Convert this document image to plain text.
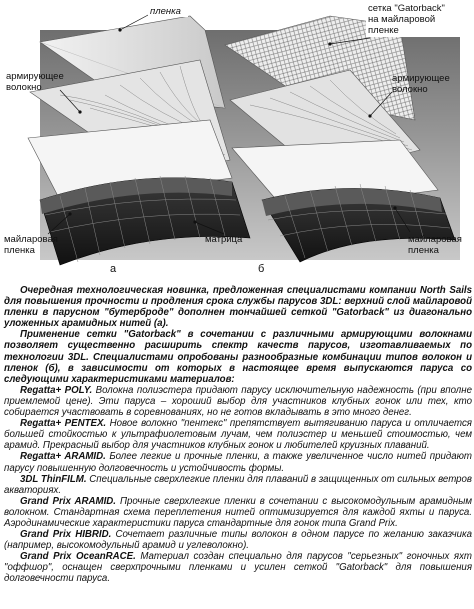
пленка
армирующее
волокно
майларовая
пленка
матрица
сетка "Gatorback"
на майларовой
пленке
армирующее
волокно
майларовая
пленка
а	б

Очередная технологическая новинка, предложенная специалистами компании North Sails для повышения прочности и продления срока службы парусов 3DL: верхний слой майларовой пленки в парусном "бутерброде" дополнен тончайшей сеткой "Gatorback" из диагонально уложенных арамидных нитей (а).

Применение сетки "Gatorback" в сочетании с различными армирующими волокнами позволяет существенно расширить спектр качеств парусов, изготавливаемых по технологии 3DL. Специалистами опробованы разнообразные комбинации типов волокон и пленок (б), в зависимости от которых в настоящее время выпускаются паруса со следующими характеристиками материалов:

Regatta+ POLY. Волокна полиэстера придают парусу исключительную надежность (при вполне приемлемой цене). Эти паруса – хороший выбор для участников клубных гонок или тех, кто собирается участвовать в соревнованиях, но не готов вкладывать в это много денег.

Regatta+ PENTEX. Новое волокно "пентекс" препятствует вытягиванию паруса и отличается большей стойкостью к ультрафиолетовым лучам, чем полиэстер и меньшей стоимостью, чем арамид. Прекрасный выбор для участников клубных гонок и любителей круизных плаваний.

Regatta+ ARAMID. Более легкие и прочные пленки, а также увеличенное число нитей придают парусу повышенную долговечность и устойчивость формы.

3DL ThinFILM. Специальные сверхлегкие пленки для плаваний в защищенных от сильных ветров акваториях.

Grand Prix ARAMID. Прочные сверхлегкие пленки в сочетании с высокомодульным арамидным волокном. Стандартная схема переплетения нитей оптимизируется для каждой яхты и паруса. Аэродинамические характеристики паруса стандартные для гонок типа Grand Prix.

Grand Prix HIBRID. Сочетает различные типы волокон в одном парусе по желанию заказчика (например, высокомодульный арамид и углеволокно).

Grand Prix OceanRACE. Материал создан специально для парусов "серьезных" гоночных яхт "оффшор", оснащен сверхпрочными пленками и усилен сеткой "Gatorback" для повышения долговечности паруса.
